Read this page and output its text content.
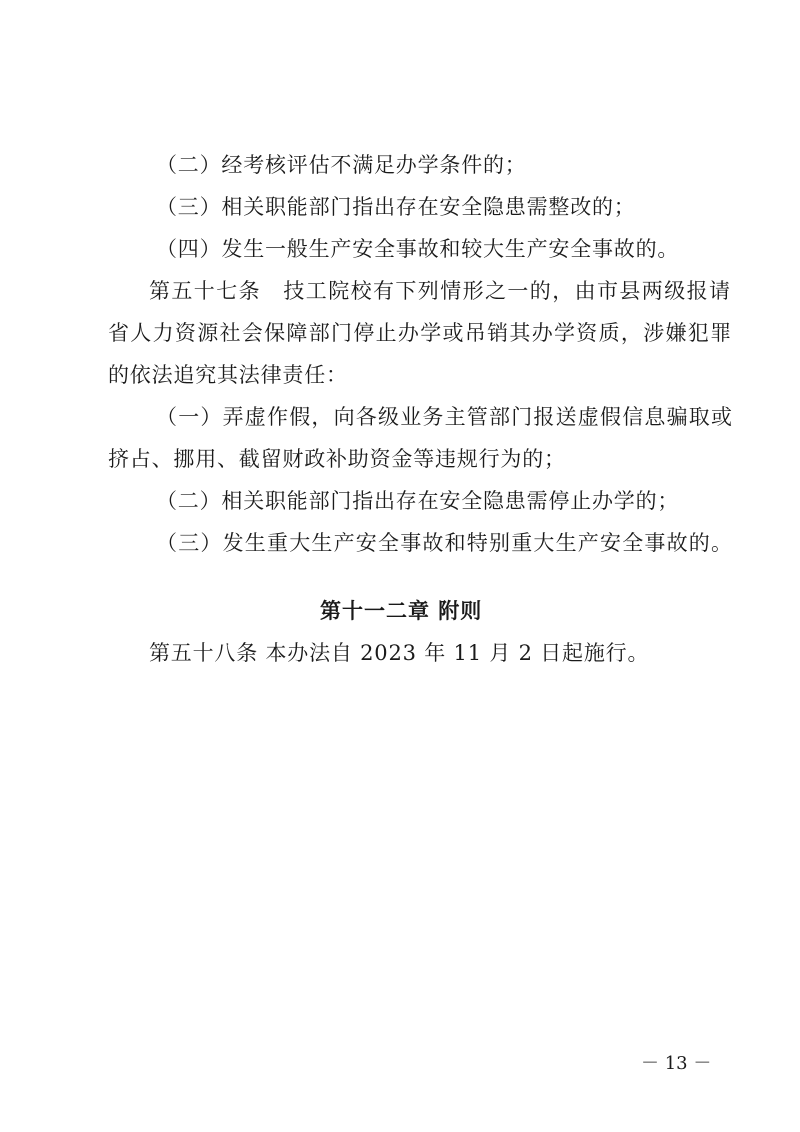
（二）经考核评估不满足办学条件的；
（三）相关职能部门指出存在安全隐患需整改的；
（四）发生一般生产安全事故和较大生产安全事故的。
第五十七条　技工院校有下列情形之一的，由市县两级报请
省人力资源社会保障部门停止办学或吊销其办学资质，涉嫌犯罪
的依法追究其法律责任：
（一）弄虚作假，向各级业务主管部门报送虚假信息骗取或
挤占、挪用、截留财政补助资金等违规行为的；
（二）相关职能部门指出存在安全隐患需停止办学的；
（三）发生重大生产安全事故和特别重大生产安全事故的。
第十一二章 附则
第五十八条 本办法自 2023 年 11 月 2 日起施行。
－ 13 －
